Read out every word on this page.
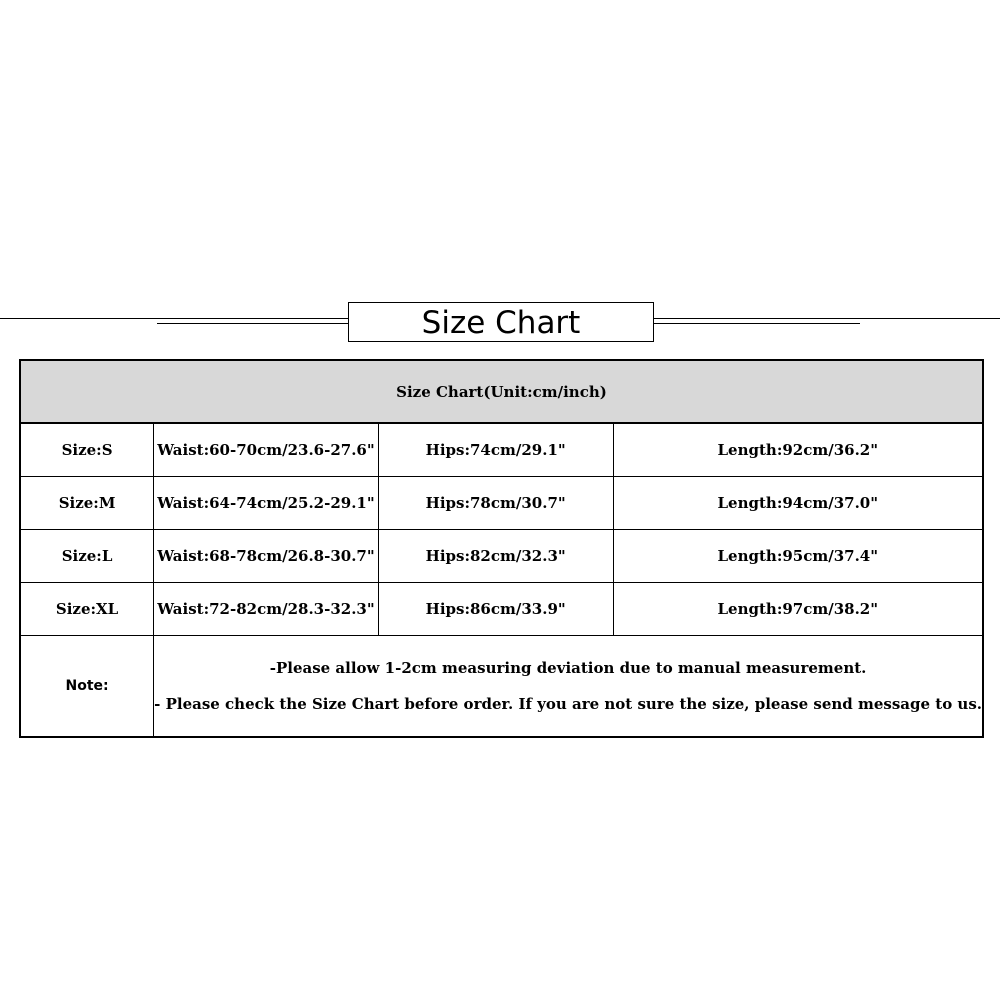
Size Chart
Size Chart(Unit:cm/inch)			
Size:S	Waist:60-70cm/23.6-27.6"	Hips:74cm/29.1"	Length:92cm/36.2"
Size:M	Waist:64-74cm/25.2-29.1"	Hips:78cm/30.7"	Length:94cm/37.0"
Size:L	Waist:68-78cm/26.8-30.7"	Hips:82cm/32.3"	Length:95cm/37.4"
Size:XL	Waist:72-82cm/28.3-32.3"	Hips:86cm/33.9"	Length:97cm/38.2"
Note:	-Please allow 1-2cm measuring deviation due to manual measurement.
- Please check the Size Chart before order. If you are not sure the size, please send message to us.		
